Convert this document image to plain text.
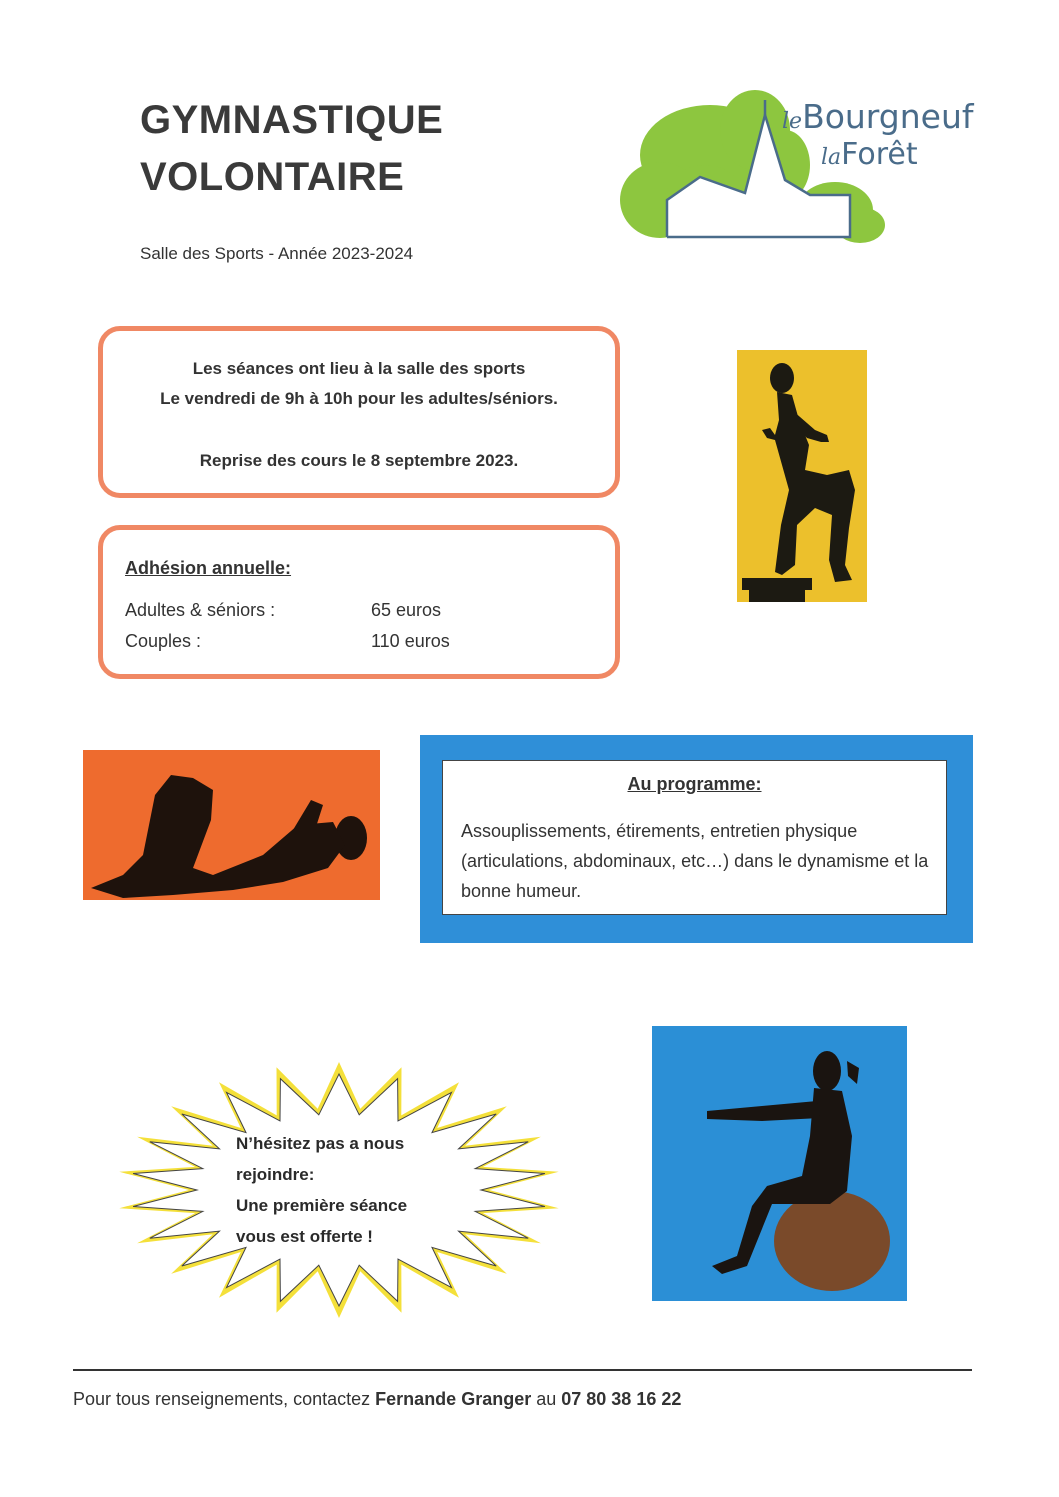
GYMNASTIQUE
VOLONTAIRE
Salle des Sports - Année 2023-2024
leBourgneuf
laForêt
Les séances ont lieu à la salle des sports
Le vendredi de 9h à 10h pour les adultes/séniors.
Reprise des cours le 8 septembre 2023.
Adhésion annuelle:
Adultes & séniors :	65 euros
Couples :	110 euros
Au programme:
Assouplissements, étirements, entretien physique (articulations, abdominaux, etc…) dans le dynamisme et la bonne humeur.
N’hésitez pas a nous
rejoindre:
Une première séance
vous est offerte !
Pour tous renseignements, contactez Fernande Granger au 07 80 38 16 22
